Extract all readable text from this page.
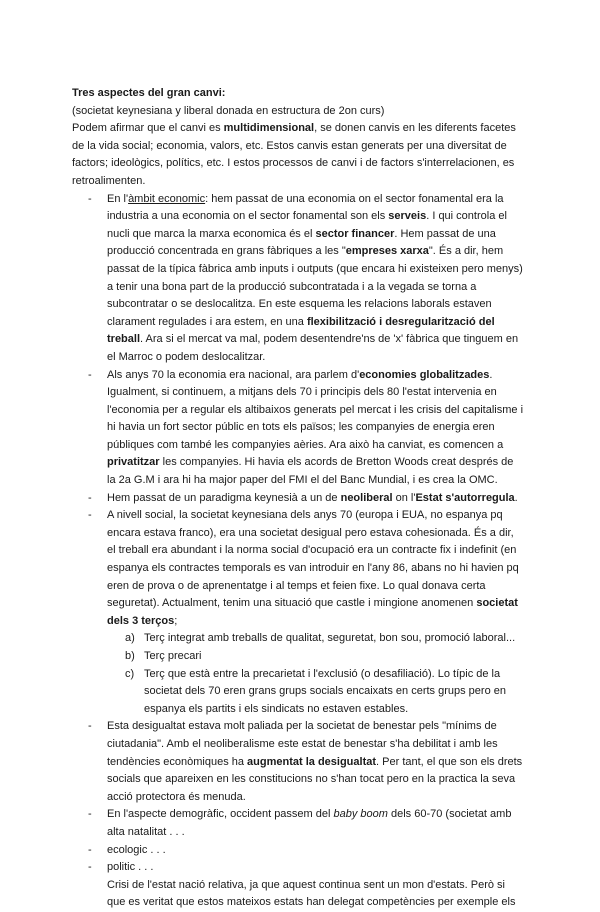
Tres aspectes del gran canvi:

(societat keynesiana y liberal donada en estructura de 2on curs)

Podem afirmar que el canvi es multidimensional, se donen canvis en les diferents facetes de la vida social; economia, valors, etc. Estos canvis estan generats per una diversitat de factors; ideològics, polítics, etc. I estos processos de canvi i de factors s'interrelacionen, es retroalimenten.

- En l'àmbit economic: hem passat de una economia on el sector fonamental era la industria a una economia on el sector fonamental son els serveis. I qui controla el nucli que marca la marxa economica és el sector financer. Hem passat de una producció concentrada en grans fàbriques a les "empreses xarxa". És a dir, hem passat de la típica fàbrica amb inputs i outputs (que encara hi existeixen pero menys) a tenir una bona part de la producció subcontratada i a la vegada se torna a subcontratar o se deslocalitza. En este esquema les relacions laborals estaven clarament regulades i ara estem, en una flexibilització i desregularització del treball. Ara si el mercat va mal, podem desentendre'ns de 'x' fàbrica que tinguem en el Marroc o podem deslocalitzar.
- Als anys 70 la economia era nacional, ara parlem d'economies globalitzades. Igualment, si continuem, a mitjans dels 70 i principis dels 80 l'estat intervenia en l'economia per a regular els altibaixos generats pel mercat i les crisis del capitalisme i hi havia un fort sector públic en tots els països; les companyies de energia eren públiques com també les companyies aèries. Ara això ha canviat, es comencen a privatitzar les companyies. Hi havia els acords de Bretton Woods creat després de la 2a G.M i ara hi ha major paper del FMI el del Banc Mundial, i es crea la OMC.
- Hem passat de un paradigma keynesià a un de neoliberal on l'Estat s'autorregula.
- A nivell social, la societat keynesiana dels anys 70 (europa i EUA, no espanya pq encara estava franco), era una societat desigual pero estava cohesionada. És a dir, el treball era abundant i la norma social d'ocupació era un contracte fix i indefinit (en espanya els contractes temporals es van introduir en l'any 86, abans no hi havien pq eren de prova o de aprenentatge i al temps et feien fixe. Lo qual donava certa seguretat). Actualment, tenim una situació que castle i mingione anomenen societat dels 3 terços;
a) Terç integrat amb treballs de qualitat, seguretat, bon sou, promoció laboral...
b) Terç precari
c) Terç que està entre la precarietat i l'exclusió (o desafiliació). Lo típic de la societat dels 70 eren grans grups socials encaixats en certs grups pero en espanya els partits i els sindicats no estaven estables.
- Esta desigualtat estava molt paliada per la societat de benestar pels "mínims de ciutadania". Amb el neoliberalisme este estat de benestar s'ha debilitat i amb les tendències econòmiques ha augmentat la desigualtat. Per tant, el que son els drets socials que apareixen en les constitucions no s'han tocat pero en la practica la seva acció protectora és menuda.
- En l'aspecte demogràfic, occident passem del baby boom dels 60-70 (societat amb alta natalitat . . .
- ecologic . . .
- politic . . .
Crisi de l'estat nació relativa, ja que aquest continua sent un mon d'estats. Però si que es veritat que estos mateixos estats han delegat competències per exemple els
